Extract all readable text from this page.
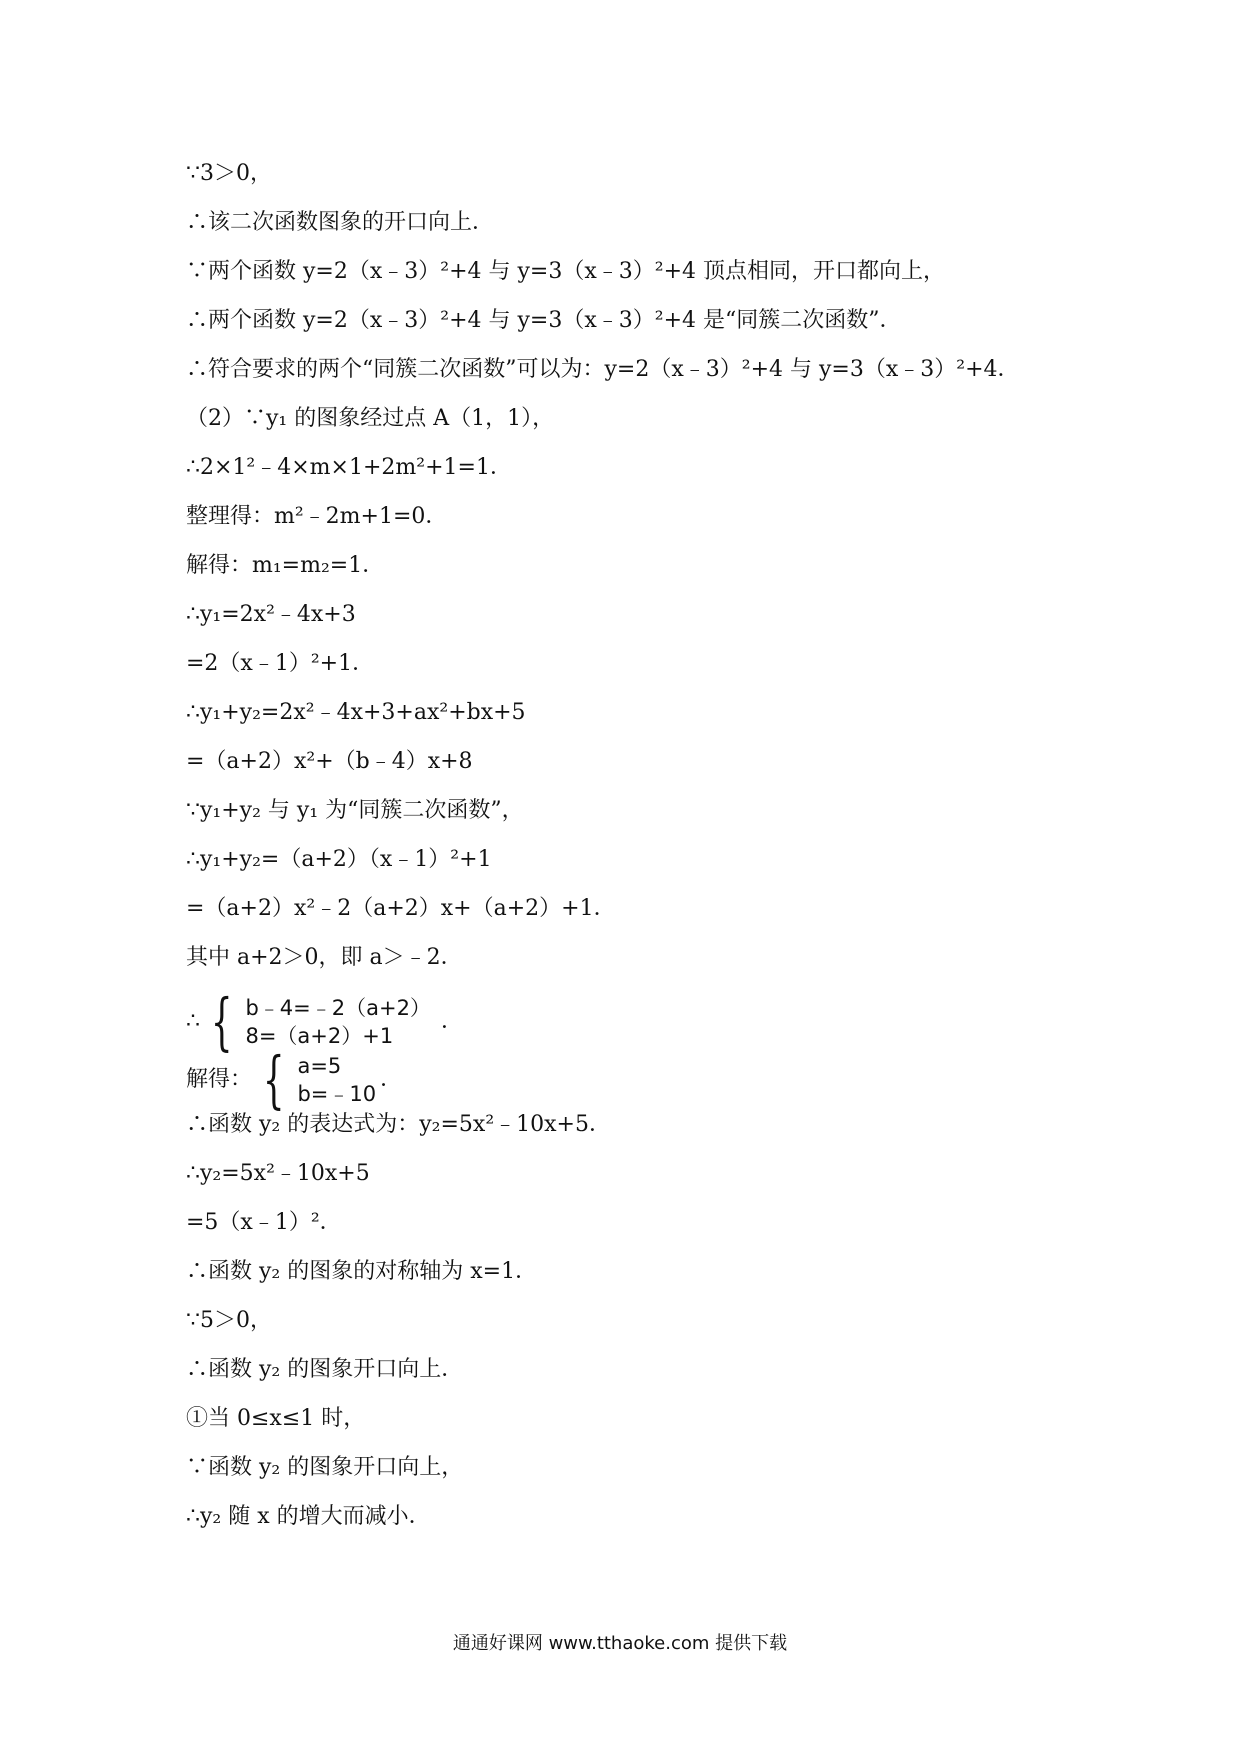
∵3＞0，
∴该二次函数图象的开口向上．
∵两个函数 y=2（x﹣3）²+4 与 y=3（x﹣3）²+4 顶点相同，开口都向上，
∴两个函数 y=2（x﹣3）²+4 与 y=3（x﹣3）²+4 是“同簇二次函数”．
∴符合要求的两个“同簇二次函数”可以为：y=2（x﹣3）²+4 与 y=3（x﹣3）²+4．
（2）∵y₁ 的图象经过点 A（1，1），
∴2×1²﹣4×m×1+2m²+1=1．
整理得：m²﹣2m+1=0．
解得：m₁=m₂=1．
∴y₁=2x²﹣4x+3
=2（x﹣1）²+1．
∴y₁+y₂=2x²﹣4x+3+ax²+bx+5
=（a+2）x²+（b﹣4）x+8
∵y₁+y₂ 与 y₁ 为“同簇二次函数”，
∴y₁+y₂=（a+2）（x﹣1）²+1
=（a+2）x²﹣2（a+2）x+（a+2）+1．
其中 a+2＞0，即 a＞﹣2．
∴ { b﹣4=﹣2（a+2）
8=（a+2）+1
．
解得： { a=5
b=﹣10
．
∴函数 y₂ 的表达式为：y₂=5x²﹣10x+5．
∴y₂=5x²﹣10x+5
=5（x﹣1）²．
∴函数 y₂ 的图象的对称轴为 x=1．
∵5＞0，
∴函数 y₂ 的图象开口向上．
①当 0≤x≤1 时，
∵函数 y₂ 的图象开口向上，
∴y₂ 随 x 的增大而减小．
通通好课网 www.tthaoke.com 提供下载
